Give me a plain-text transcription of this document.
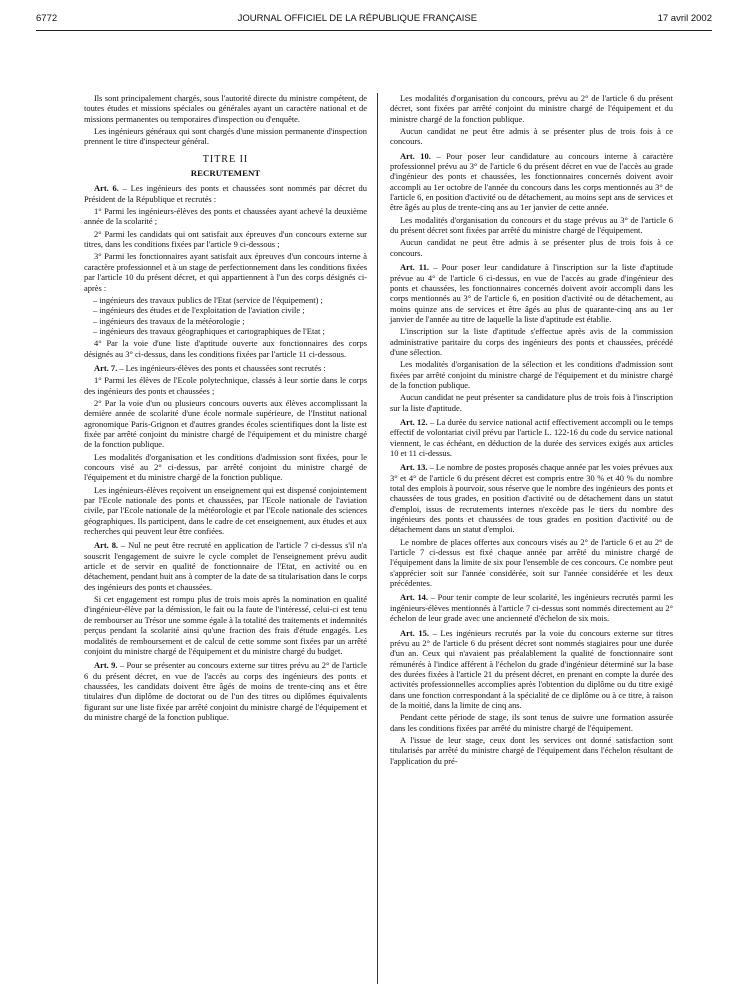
6772	JOURNAL OFFICIEL DE LA RÉPUBLIQUE FRANÇAISE	17 avril 2002

Ils sont principalement chargés, sous l'autorité directe du ministre compétent, de toutes études et missions spéciales ou générales ayant un caractère national et de missions permanentes ou temporaires d'inspection ou d'enquête.

Les ingénieurs généraux qui sont chargés d'une mission permanente d'inspection prennent le titre d'inspecteur général.

TITRE II
RECRUTEMENT

Art. 6. – Les ingénieurs des ponts et chaussées sont nommés par décret du Président de la République et recrutés :

1° Parmi les ingénieurs-élèves des ponts et chaussées ayant achevé la deuxième année de la scolarité ;

2° Parmi les candidats qui ont satisfait aux épreuves d'un concours externe sur titres, dans les conditions fixées par l'article 9 ci-dessous ;

3° Parmi les fonctionnaires ayant satisfait aux épreuves d'un concours interne à caractère professionnel et à un stage de perfectionnement dans les conditions fixées par l'article 10 du présent décret, et qui appartiennent à l'un des corps désignés ci-après :

– ingénieurs des travaux publics de l'Etat (service de l'équipement) ;
– ingénieurs des études et de l'exploitation de l'aviation civile ;
– ingénieurs des travaux de la météorologie ;
– ingénieurs des travaux géographiques et cartographiques de l'Etat ;

4° Par la voie d'une liste d'aptitude ouverte aux fonctionnaires des corps désignés au 3° ci-dessus, dans les conditions fixées par l'article 11 ci-dessous.

Art. 7. – Les ingénieurs-élèves des ponts et chaussées sont recrutés :

1° Parmi les élèves de l'Ecole polytechnique, classés à leur sortie dans le corps des ingénieurs des ponts et chaussées ;

2° Par la voie d'un ou plusieurs concours ouverts aux élèves accomplissant la dernière année de scolarité d'une école normale supérieure, de l'Institut national agronomique Paris-Grignon et d'autres grandes écoles scientifiques dont la liste est fixée par arrêté conjoint du ministre chargé de l'équipement et du ministre chargé de la fonction publique.

Les modalités d'organisation et les conditions d'admission sont fixées, pour le concours visé au 2° ci-dessus, par arrêté conjoint du ministre chargé de l'équipement et du ministre chargé de la fonction publique.

Les ingénieurs-élèves reçoivent un enseignement qui est dispensé conjointement par l'Ecole nationale des ponts et chaussées, par l'Ecole nationale de l'aviation civile, par l'Ecole nationale de la météorologie et par l'Ecole nationale des sciences géographiques. Ils participent, dans le cadre de cet enseignement, aux études et aux recherches qui peuvent leur être confiées.

Art. 8. – Nul ne peut être recruté en application de l'article 7 ci-dessus s'il n'a souscrit l'engagement de suivre le cycle complet de l'enseignement prévu audit article et de servir en qualité de fonctionnaire de l'Etat, en activité ou en détachement, pendant huit ans à compter de la date de sa titularisation dans le corps des ingénieurs des ponts et chaussées.

Si cet engagement est rompu plus de trois mois après la nomination en qualité d'ingénieur-élève par la démission, le fait ou la faute de l'intéressé, celui-ci est tenu de rembourser au Trésor une somme égale à la totalité des traitements et indemnités perçus pendant la scolarité ainsi qu'une fraction des frais d'étude engagés. Les modalités de remboursement et de calcul de cette somme sont fixées par un arrêté conjoint du ministre chargé de l'équipement et du ministre chargé du budget.

Art. 9. – Pour se présenter au concours externe sur titres prévu au 2° de l'article 6 du présent décret, en vue de l'accès au corps des ingénieurs des ponts et chaussées, les candidats doivent être âgés de moins de trente-cinq ans et être titulaires d'un diplôme de doctorat ou de l'un des titres ou diplômes équivalents figurant sur une liste fixée par arrêté conjoint du ministre chargé de l'équipement et du ministre chargé de la fonction publique.

Les modalités d'organisation du concours, prévu au 2° de l'article 6 du présent décret, sont fixées par arrêté conjoint du ministre chargé de l'équipement et du ministre chargé de la fonction publique.

Aucun candidat ne peut être admis à se présenter plus de trois fois à ce concours.

Art. 10. – Pour poser leur candidature au concours interne à caractère professionnel prévu au 3° de l'article 6 du présent décret en vue de l'accès au grade d'ingénieur des ponts et chaussées, les fonctionnaires concernés doivent avoir accompli au 1er octobre de l'année du concours dans les corps mentionnés au 3° de l'article 6, en position d'activité ou de détachement, au moins sept ans de services et être âgés au plus de trente-cinq ans au 1er janvier de cette année.

Les modalités d'organisation du concours et du stage prévus au 3° de l'article 6 du présent décret sont fixées par arrêté du ministre chargé de l'équipement.

Aucun candidat ne peut être admis à se présenter plus de trois fois à ce concours.

Art. 11. – Pour poser leur candidature à l'inscription sur la liste d'aptitude prévue au 4° de l'article 6 ci-dessus, en vue de l'accès au grade d'ingénieur des ponts et chaussées, les fonctionnaires concernés doivent avoir accompli dans les corps mentionnés au 3° de l'article 6, en position d'activité ou de détachement, au moins quinze ans de services et être âgés au plus de quarante-cinq ans au 1er janvier de l'année au titre de laquelle la liste d'aptitude est établie.

L'inscription sur la liste d'aptitude s'effectue après avis de la commission administrative paritaire du corps des ingénieurs des ponts et chaussées, précédé d'une sélection.

Les modalités d'organisation de la sélection et les conditions d'admission sont fixées par arrêté conjoint du ministre chargé de l'équipement et du ministre chargé de la fonction publique.

Aucun candidat ne peut présenter sa candidature plus de trois fois à l'inscription sur la liste d'aptitude.

Art. 12. – La durée du service national actif effectivement accompli ou le temps effectif de volontariat civil prévu par l'article L. 122-16 du code du service national viennent, le cas échéant, en déduction de la durée des services exigés aux articles 10 et 11 ci-dessus.

Art. 13. – Le nombre de postes proposés chaque année par les voies prévues aux 3° et 4° de l'article 6 du présent décret est compris entre 30 % et 40 % du nombre total des emplois à pourvoir, sous réserve que le nombre des ingénieurs des ponts et chaussées de tous grades, en position d'activité ou de détachement dans un statut d'emploi, issus de recrutements internes n'excède pas le tiers du nombre des ingénieurs des ponts et chaussées de tous grades en position d'activité ou de détachement dans un statut d'emploi.

Le nombre de places offertes aux concours visés au 2° de l'article 6 et au 2° de l'article 7 ci-dessus est fixé chaque année par arrêté du ministre chargé de l'équipement dans la limite de six pour l'ensemble de ces concours. Ce nombre peut s'apprécier soit sur l'année considérée, soit sur l'année considérée et les deux précédentes.

Art. 14. – Pour tenir compte de leur scolarité, les ingénieurs recrutés parmi les ingénieurs-élèves mentionnés à l'article 7 ci-dessus sont nommés directement au 2° échelon de leur grade avec une ancienneté d'échelon de six mois.

Art. 15. – Les ingénieurs recrutés par la voie du concours externe sur titres prévu au 2° de l'article 6 du présent décret sont nommés stagiaires pour une durée d'un an. Ceux qui n'avaient pas préalablement la qualité de fonctionnaire sont rémunérés à l'indice afférent à l'échelon du grade d'ingénieur déterminé sur la base des durées fixées à l'article 21 du présent décret, en prenant en compte la durée des activités professionnelles accomplies après l'obtention du diplôme ou du titre exigé dans une fonction correspondant à la spécialité de ce diplôme ou à ce titre, à raison de la moitié, dans la limite de cinq ans.

Pendant cette période de stage, ils sont tenus de suivre une formation assurée dans les conditions fixées par arrêté du ministre chargé de l'équipement.

A l'issue de leur stage, ceux dont les services ont donné satisfaction sont titularisés par arrêté du ministre chargé de l'équipement dans l'échelon résultant de l'application du pré-
